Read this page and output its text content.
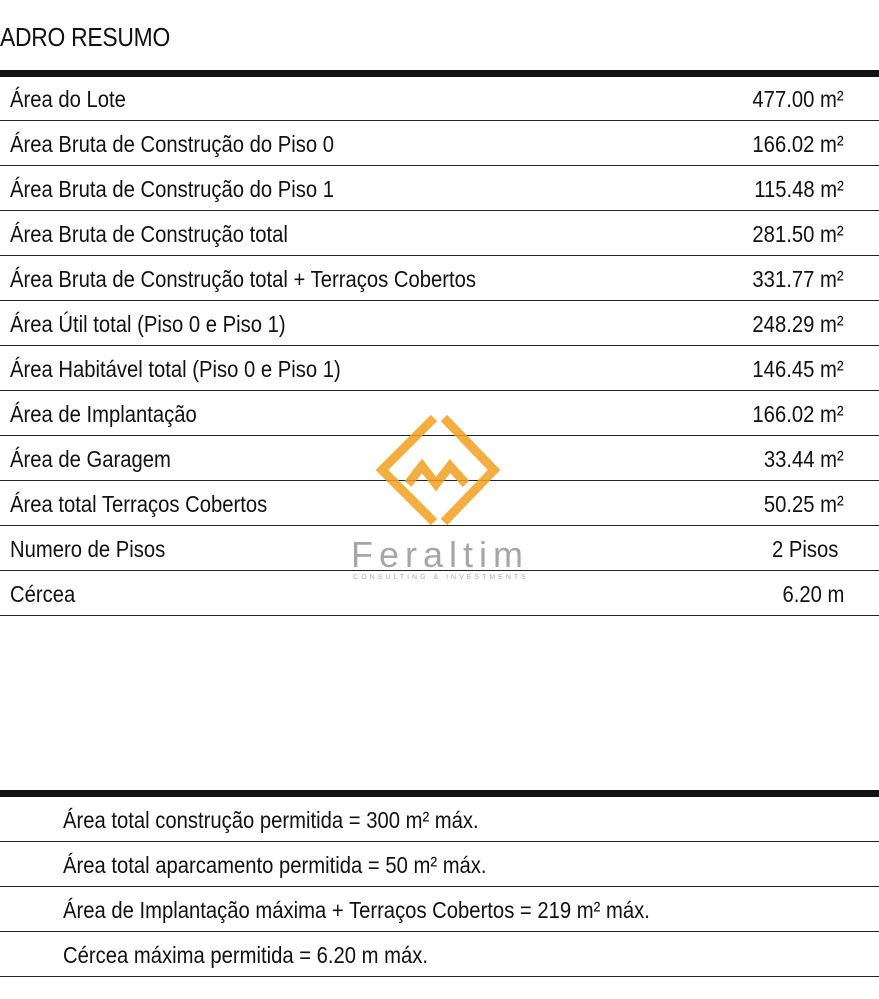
ADRO RESUMO
Área do Lote	477.00 m²
Área Bruta de Construção do Piso 0	166.02 m²
Área Bruta de Construção do Piso 1	115.48 m²
Área Bruta de Construção total	281.50 m²
Área Bruta de Construção total + Terraços Cobertos	331.77 m²
Área Útil total (Piso 0 e Piso 1)	248.29 m²
Área Habitável total (Piso 0 e Piso 1)	146.45 m²
Área de Implantação	166.02 m²
Área de Garagem	33.44 m²
Área total Terraços Cobertos	50.25 m²
Numero de Pisos	2 Pisos
Cércea	6.20 m
Área total construção permitida = 300 m² máx.
Área total aparcamento permitida = 50 m² máx.
Área de Implantação máxima + Terraços Cobertos = 219 m² máx.
Cércea máxima permitida = 6.20 m máx.
Feraltim
CONSULTING & INVESTMENTS
